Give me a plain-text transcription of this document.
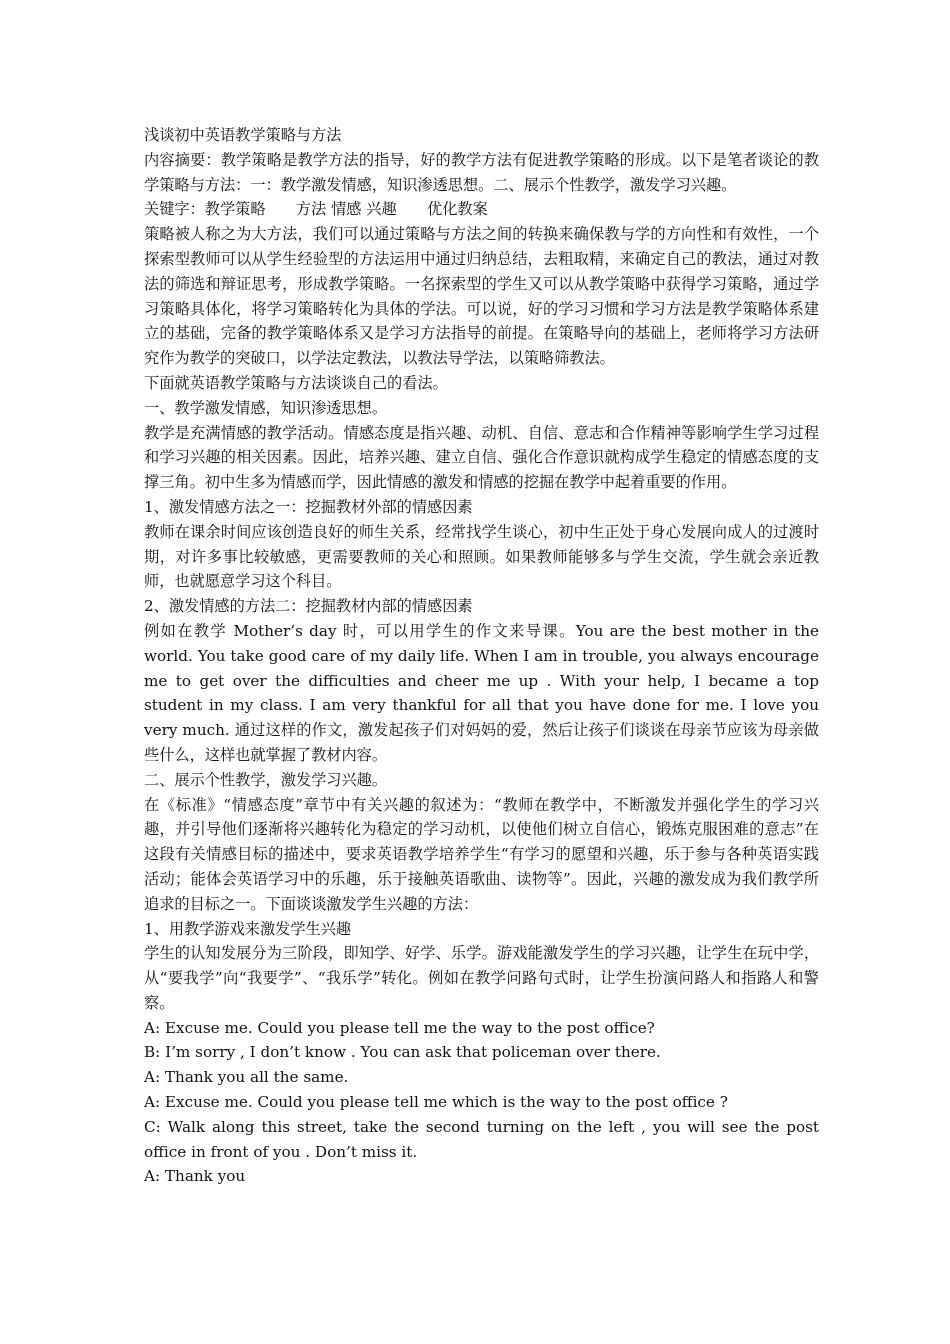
浅谈初中英语教学策略与方法

内容摘要：教学策略是教学方法的指导，好的教学方法有促进教学策略的形成。以下是笔者谈论的教学策略与方法：一：教学激发情感，知识渗透思想。二、展示个性教学，激发学习兴趣。

关键字：教学策略　　方法 情感 兴趣　　优化教案

策略被人称之为大方法，我们可以通过策略与方法之间的转换来确保教与学的方向性和有效性，一个探索型教师可以从学生经验型的方法运用中通过归纳总结，去粗取精，来确定自己的教法，通过对教法的筛选和辩证思考，形成教学策略。一名探索型的学生又可以从教学策略中获得学习策略，通过学习策略具体化，将学习策略转化为具体的学法。可以说，好的学习习惯和学习方法是教学策略体系建立的基础，完备的教学策略体系又是学习方法指导的前提。在策略导向的基础上，老师将学习方法研究作为教学的突破口，以学法定教法，以教法导学法，以策略筛教法。

下面就英语教学策略与方法谈谈自己的看法。

一、教学激发情感，知识渗透思想。

教学是充满情感的教学活动。情感态度是指兴趣、动机、自信、意志和合作精神等影响学生学习过程和学习兴趣的相关因素。因此，培养兴趣、建立自信、强化合作意识就构成学生稳定的情感态度的支撑三角。初中生多为情感而学，因此情感的激发和情感的挖掘在教学中起着重要的作用。

1、激发情感方法之一：挖掘教材外部的情感因素

教师在课余时间应该创造良好的师生关系，经常找学生谈心，初中生正处于身心发展向成人的过渡时期，对许多事比较敏感，更需要教师的关心和照顾。如果教师能够多与学生交流，学生就会亲近教师，也就愿意学习这个科目。

2、激发情感的方法二：挖掘教材内部的情感因素

例如在教学 Mother’s day 时，可以用学生的作文来导课。You are the best mother in the world. You take good care of my daily life. When I am in trouble, you always encourage me to get over the difficulties and cheer me up . With your help, I became a top student in my class. I am very thankful for all that you have done for me. I love you very much. 通过这样的作文，激发起孩子们对妈妈的爱，然后让孩子们谈谈在母亲节应该为母亲做些什么，这样也就掌握了教材内容。

二、展示个性教学，激发学习兴趣。

在《标准》“情感态度”章节中有关兴趣的叙述为：“教师在教学中，不断激发并强化学生的学习兴趣，并引导他们逐渐将兴趣转化为稳定的学习动机，以使他们树立自信心，锻炼克服困难的意志”在这段有关情感目标的描述中，要求英语教学培养学生“有学习的愿望和兴趣，乐于参与各种英语实践活动；能体会英语学习中的乐趣，乐于接触英语歌曲、读物等”。因此，兴趣的激发成为我们教学所追求的目标之一。下面谈谈激发学生兴趣的方法：

1、用教学游戏来激发学生兴趣

学生的认知发展分为三阶段，即知学、好学、乐学。游戏能激发学生的学习兴趣，让学生在玩中学，从“要我学”向“我要学”、“我乐学”转化。例如在教学问路句式时，让学生扮演问路人和指路人和警察。

A: Excuse me. Could you please tell me the way to the post office?

B: I’m sorry , I don’t know . You can ask that policeman over there.

A: Thank you all the same.

A: Excuse me. Could you please tell me which is the way to the post office ?

C: Walk along this street, take the second turning on the left , you will see the post office in front of you . Don’t miss it.

A: Thank you
